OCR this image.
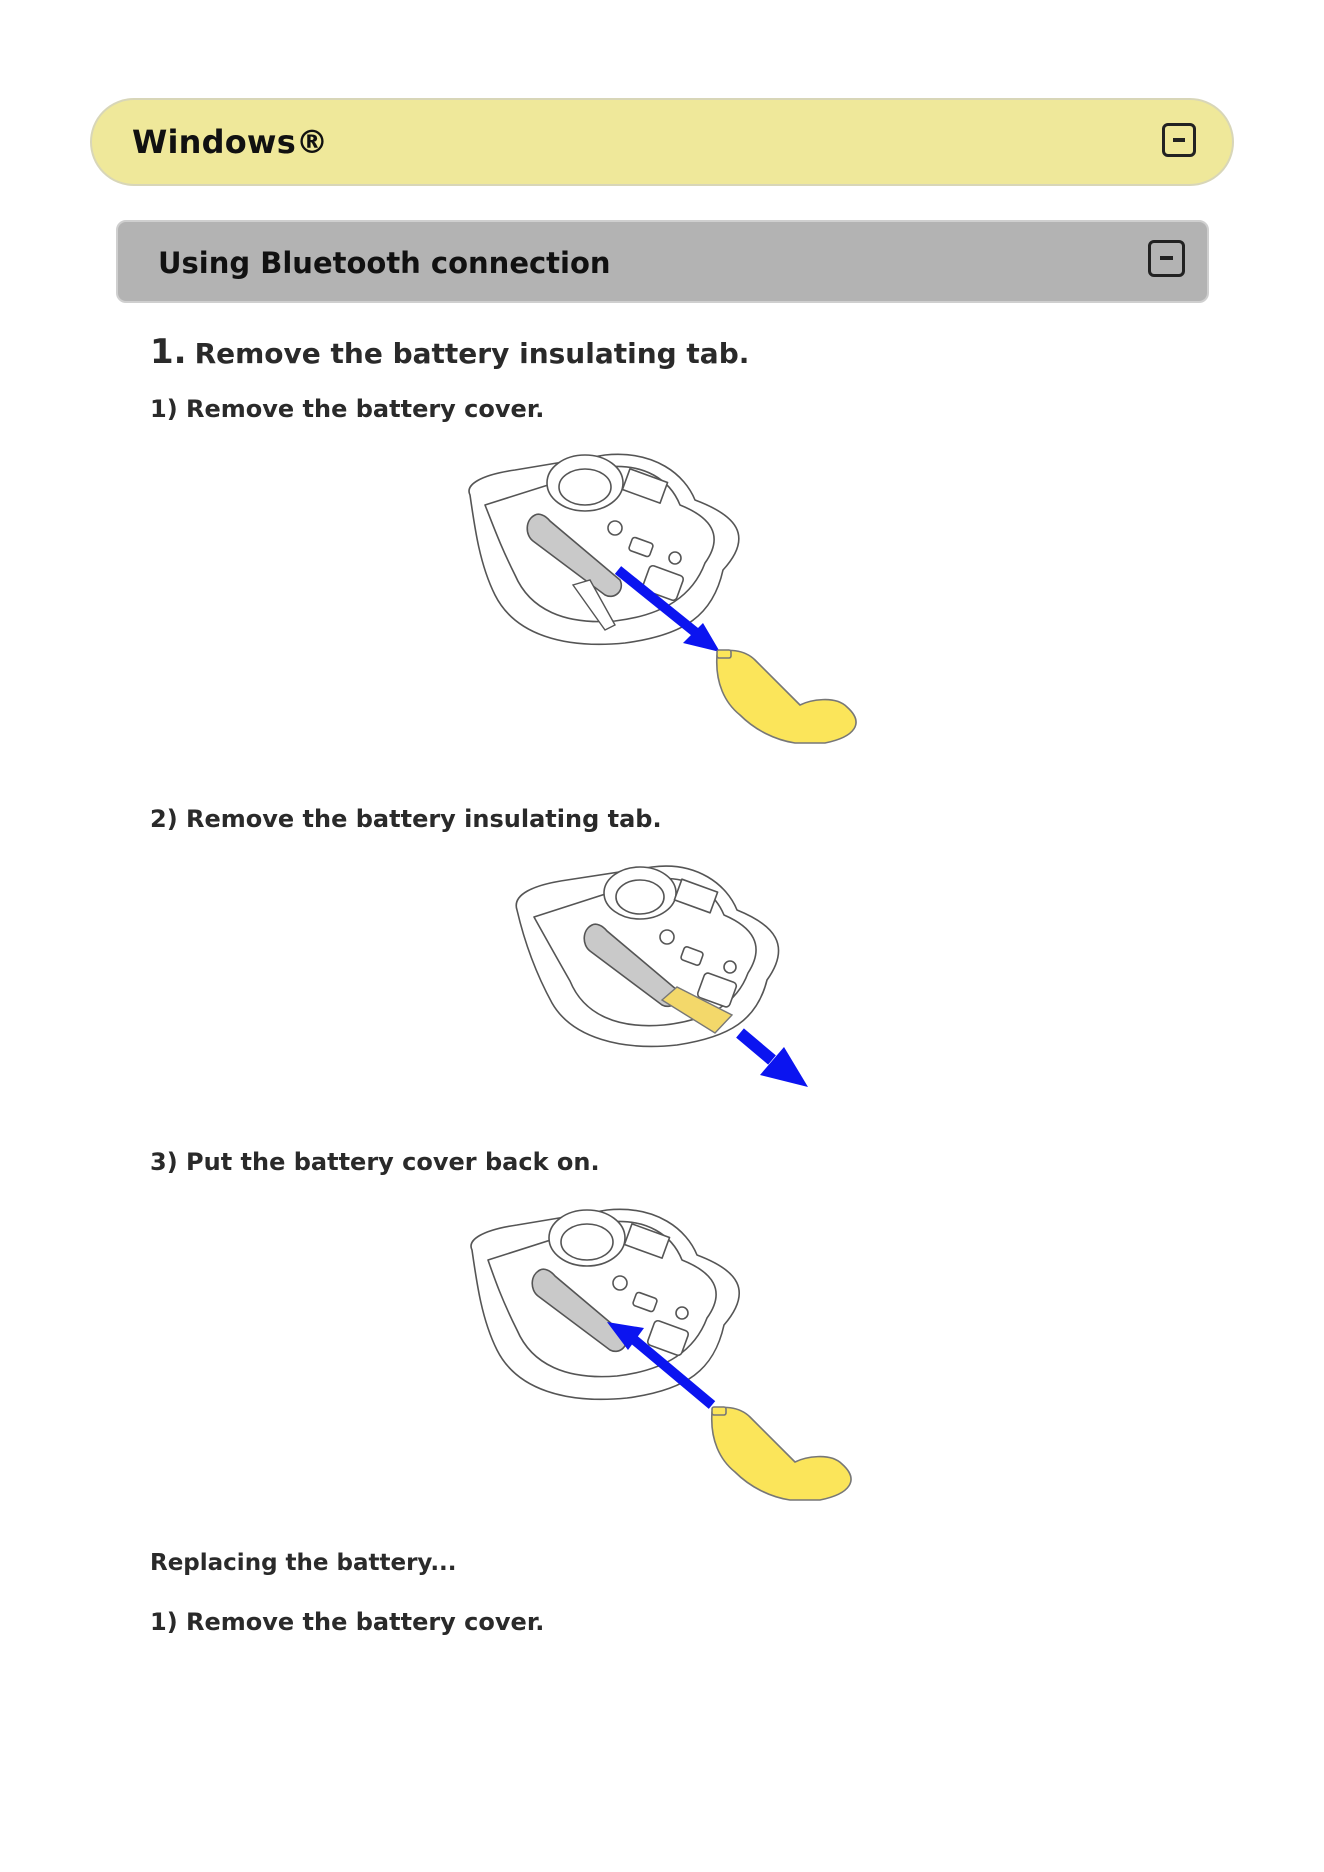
Windows®
Using Bluetooth connection
1. Remove the battery insulating tab.
1) Remove the battery cover.
2) Remove the battery insulating tab.
3) Put the battery cover back on.
Replacing the battery...
1) Remove the battery cover.
